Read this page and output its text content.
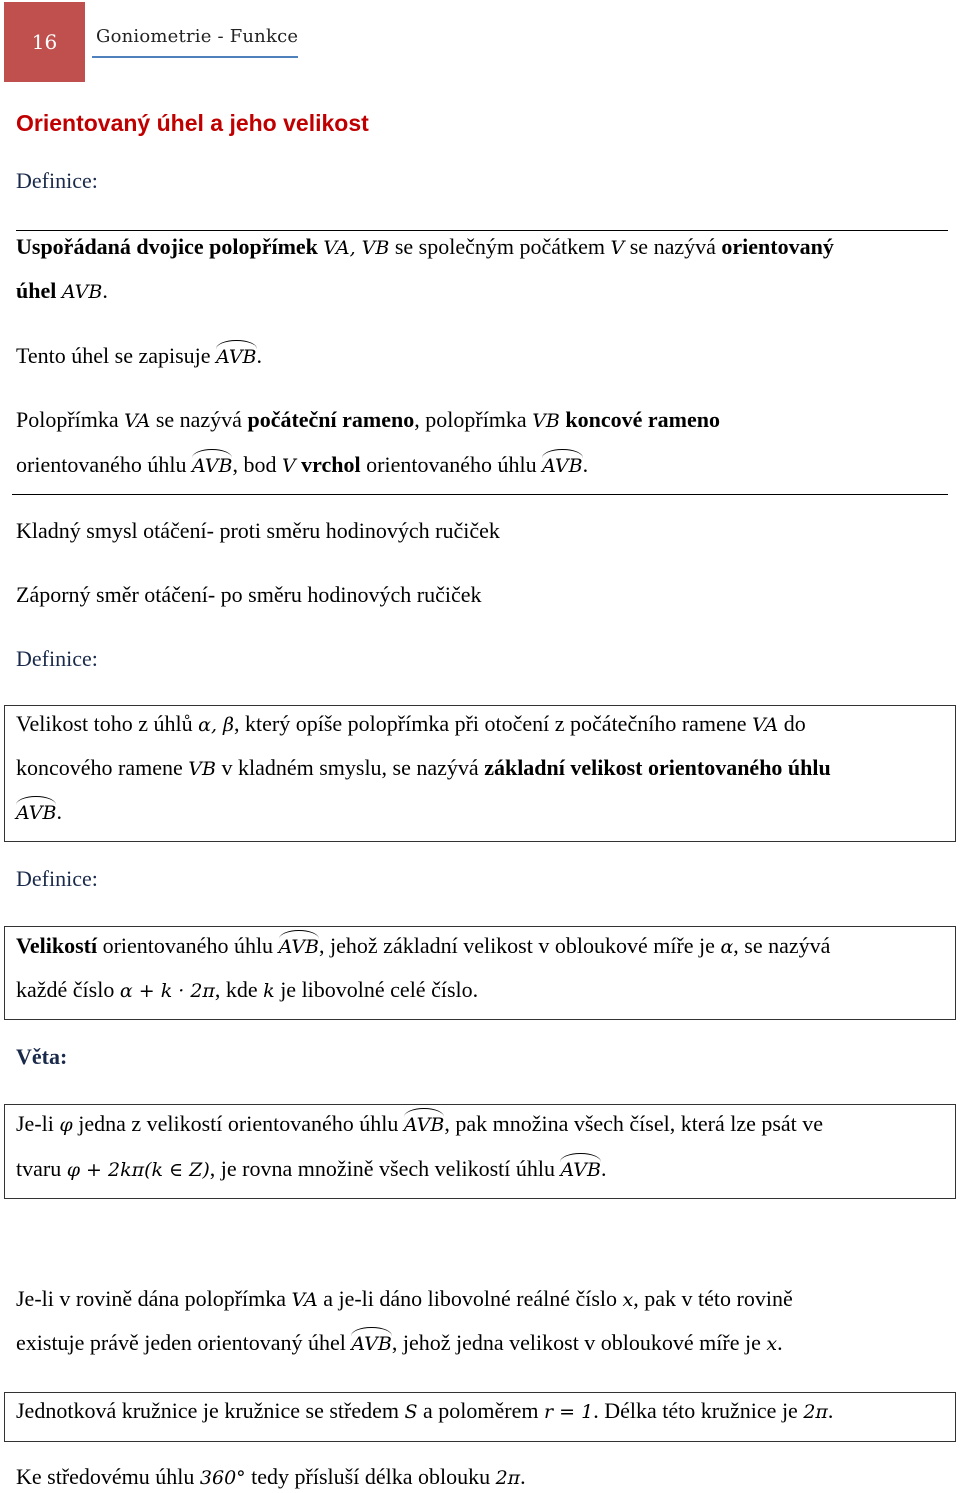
16 Goniometrie - Funkce
Orientovaný úhel a jeho velikost
Definice:
Uspořádaná dvojice polopřímek VA, VB se společným počátkem V se nazývá orientovaný
úhel AVB.
Tento úhel se zapisuje AVB.
Polopřímka VA se nazývá počáteční rameno, polopřímka VB koncové rameno
orientovaného úhlu AVB, bod V vrchol orientovaného úhlu AVB.
Kladný smysl otáčení- proti směru hodinových ručiček
Záporný směr otáčení- po směru hodinových ručiček
Definice:
Velikost toho z úhlů α, β, který opíše polopřímka při otočení z počátečního ramene VA do
koncového ramene VB v kladném smyslu, se nazývá základní velikost orientovaného úhlu
AVB.
Definice:
Velikostí orientovaného úhlu AVB, jehož základní velikost v obloukové míře je α, se nazývá
každé číslo α + k · 2π, kde k je libovolné celé číslo.
Věta:
Je-li φ jedna z velikostí orientovaného úhlu AVB, pak množina všech čísel, která lze psát ve
tvaru φ + 2kπ(k ∈ Z), je rovna množině všech velikostí úhlu AVB.
Je-li v rovině dána polopřímka VA a je-li dáno libovolné reálné číslo x, pak v této rovině
existuje právě jeden orientovaný úhel AVB, jehož jedna velikost v obloukové míře je x.
Jednotková kružnice je kružnice se středem S a poloměrem r = 1. Délka této kružnice je 2π.
Ke středovému úhlu 360° tedy přísluší délka oblouku 2π.
